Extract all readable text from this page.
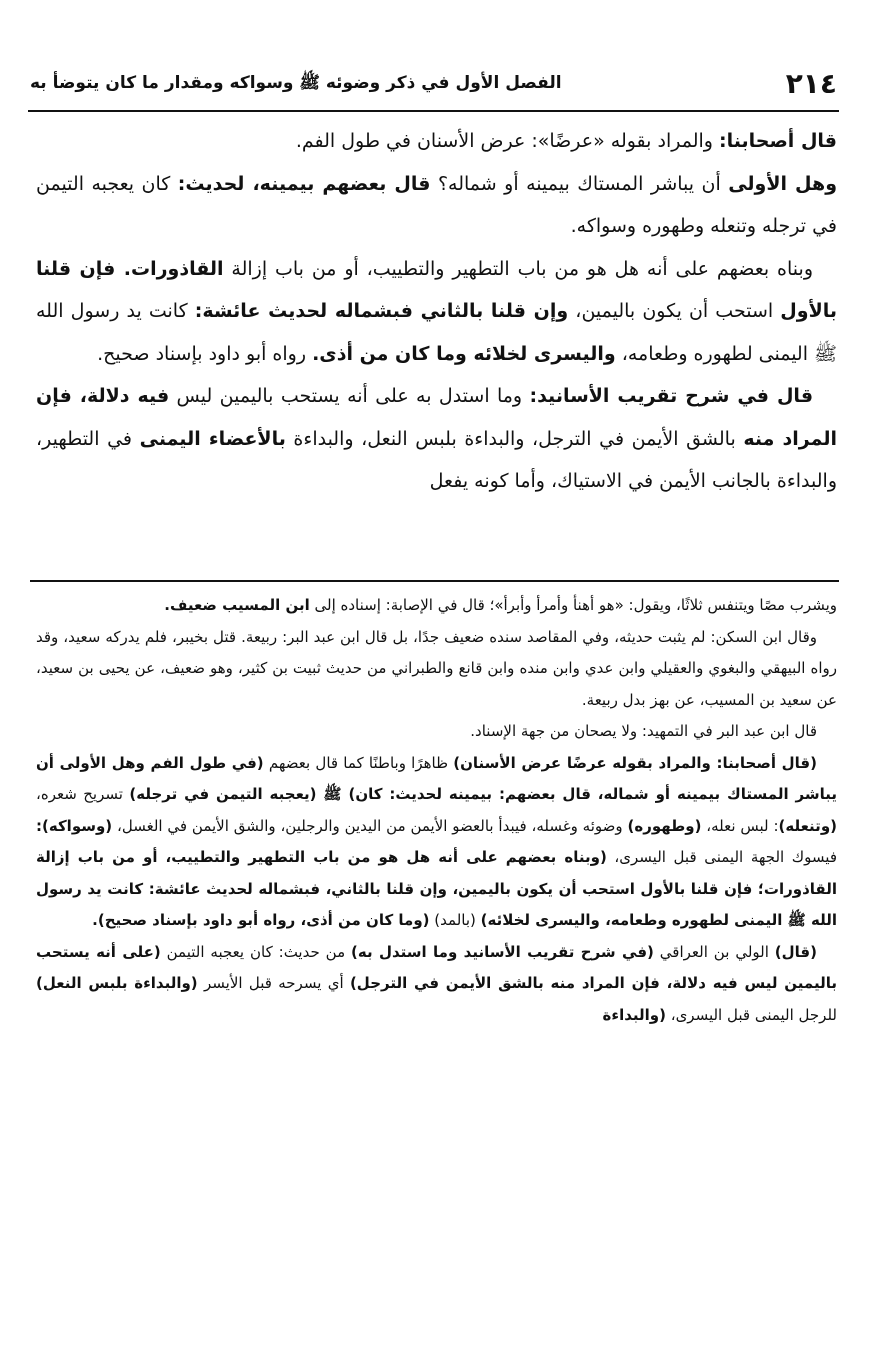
٢١٤
الفصل الأول في ذكر وضوئه ﷺ وسواكه ومقدار ما كان يتوضأ به

قال أصحابنا: والمراد بقوله «عرضًا»: عرض الأسنان في طول الفم.

وهل الأولى أن يباشر المستاك بيمينه أو شماله؟ قال بعضهم بيمينه، لحديث: كان يعجبه التيمن في ترجله وتنعله وطهوره وسواكه.

وبناه بعضهم على أنه هل هو من باب التطهير والتطييب، أو من باب إزالة القاذورات. فإن قلنا بالأول استحب أن يكون باليمين، وإن قلنا بالثاني فبشماله لحديث عائشة: كانت يد رسول الله ﷺ اليمنى لطهوره وطعامه، واليسرى لخلائه وما كان من أذى. رواه أبو داود بإسناد صحيح.

قال في شرح تقريب الأسانيد: وما استدل به على أنه يستحب باليمين ليس فيه دلالة، فإن المراد منه بالشق الأيمن في الترجل، والبداءة بلبس النعل، والبداءة بالأعضاء اليمنى في التطهير، والبداءة بالجانب الأيمن في الاستياك، وأما كونه يفعل

ويشرب مصًا ويتنفس ثلاثًا، ويقول: «هو أهنأ وأمرأ وأبرأ»؛ قال في الإصابة: إسناده إلى ابن المسيب ضعيف.

وقال ابن السكن: لم يثبت حديثه، وفي المقاصد سنده ضعيف جدًا، بل قال ابن عبد البر: ربيعة. قتل بخيبر، فلم يدركه سعيد، وقد رواه البيهقي والبغوي والعقيلي وابن عدي وابن منده وابن قانع والطبراني من حديث ثبيت بن كثير، وهو ضعيف، عن يحيى بن سعيد، عن سعيد بن المسيب، عن بهز بدل ربيعة.

قال ابن عبد البر في التمهيد: ولا يصحان من جهة الإسناد.

(قال أصحابنا: والمراد بقوله عرضًا عرض الأسنان) ظاهرًا وباطنًا كما قال بعضهم (في طول الفم وهل الأولى أن يباشر المستاك بيمينه أو شماله، قال بعضهم: بيمينه لحديث: كان) ﷺ (يعجبه التيمن في ترجله) تسريح شعره، (وتنعله): لبس نعله، (وطهوره) وضوئه وغسله، فيبدأ بالعضو الأيمن من اليدين والرجلين، والشق الأيمن في الغسل، (وسواكه): فيسوك الجهة اليمنى قبل اليسرى، (وبناه بعضهم على أنه هل هو من باب التطهير والتطييب، أو من باب إزالة القاذورات؛ فإن قلنا بالأول استحب أن يكون باليمين، وإن قلنا بالثاني، فبشماله لحديث عائشة: كانت يد رسول الله ﷺ اليمنى لطهوره وطعامه، واليسرى لخلائه) (بالمد) (وما كان من أذى، رواه أبو داود بإسناد صحيح).

(قال) الولي بن العراقي (في شرح تقريب الأسانيد وما استدل به) من حديث: كان يعجبه التيمن (على أنه يستحب باليمين ليس فيه دلالة، فإن المراد منه بالشق الأيمن في الترجل) أي يسرحه قبل الأيسر (والبداءة بلبس النعل) للرجل اليمنى قبل اليسرى، (والبداءة
